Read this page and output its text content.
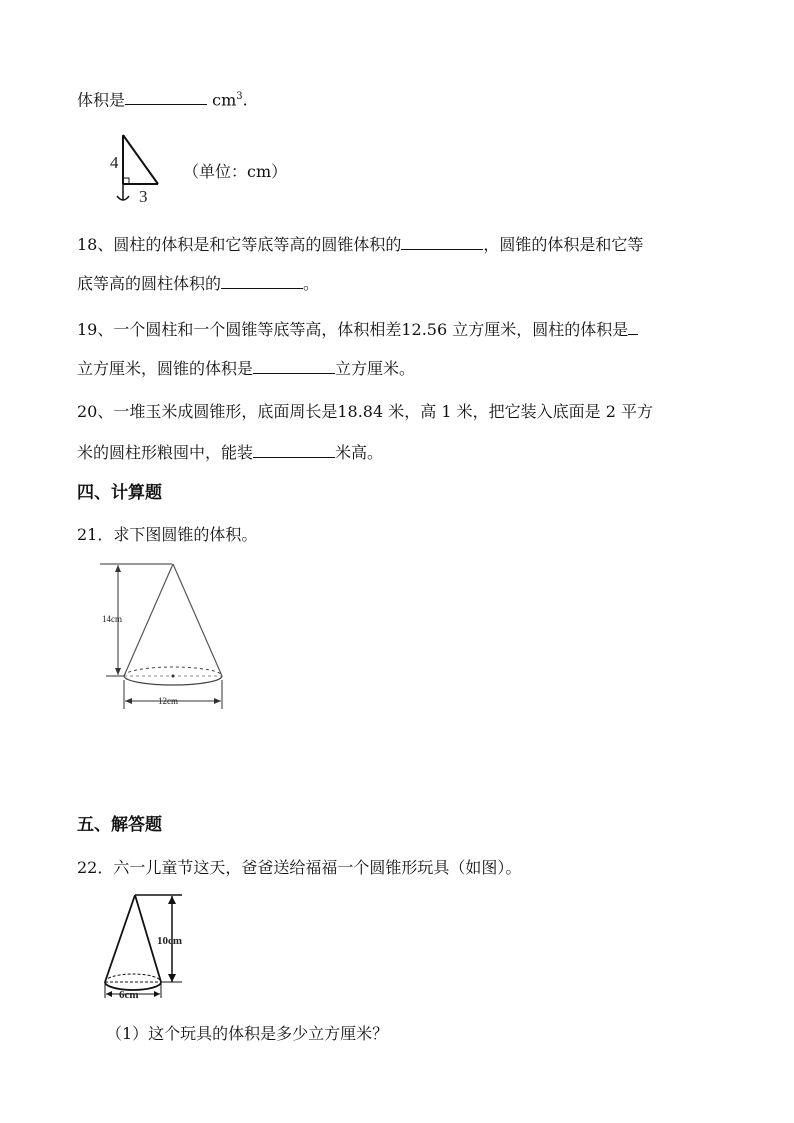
体积是	$cm^3$.
4
3
（单位：cm）
18、圆柱的体积是和它等底等高的圆锥体积的	，圆锥的体积是和它等
底等高的圆柱体积的	。
19、一个圆柱和一个圆锥等底等高，体积相差12.56 立方厘米，圆柱的体积是
立方厘米，圆锥的体积是	立方厘米。
20、一堆玉米成圆锥形，底面周长是18.84 米，高 1 米，把它装入底面是 2 平方
米的圆柱形粮囤中，能装	米高。
四、计算题
21．求下图圆锥的体积。
14cm
12cm
五、解答题
22．六一儿童节这天，爸爸送给福福一个圆锥形玩具（如图）。
10cm
6cm
（1）这个玩具的体积是多少立方厘米？
